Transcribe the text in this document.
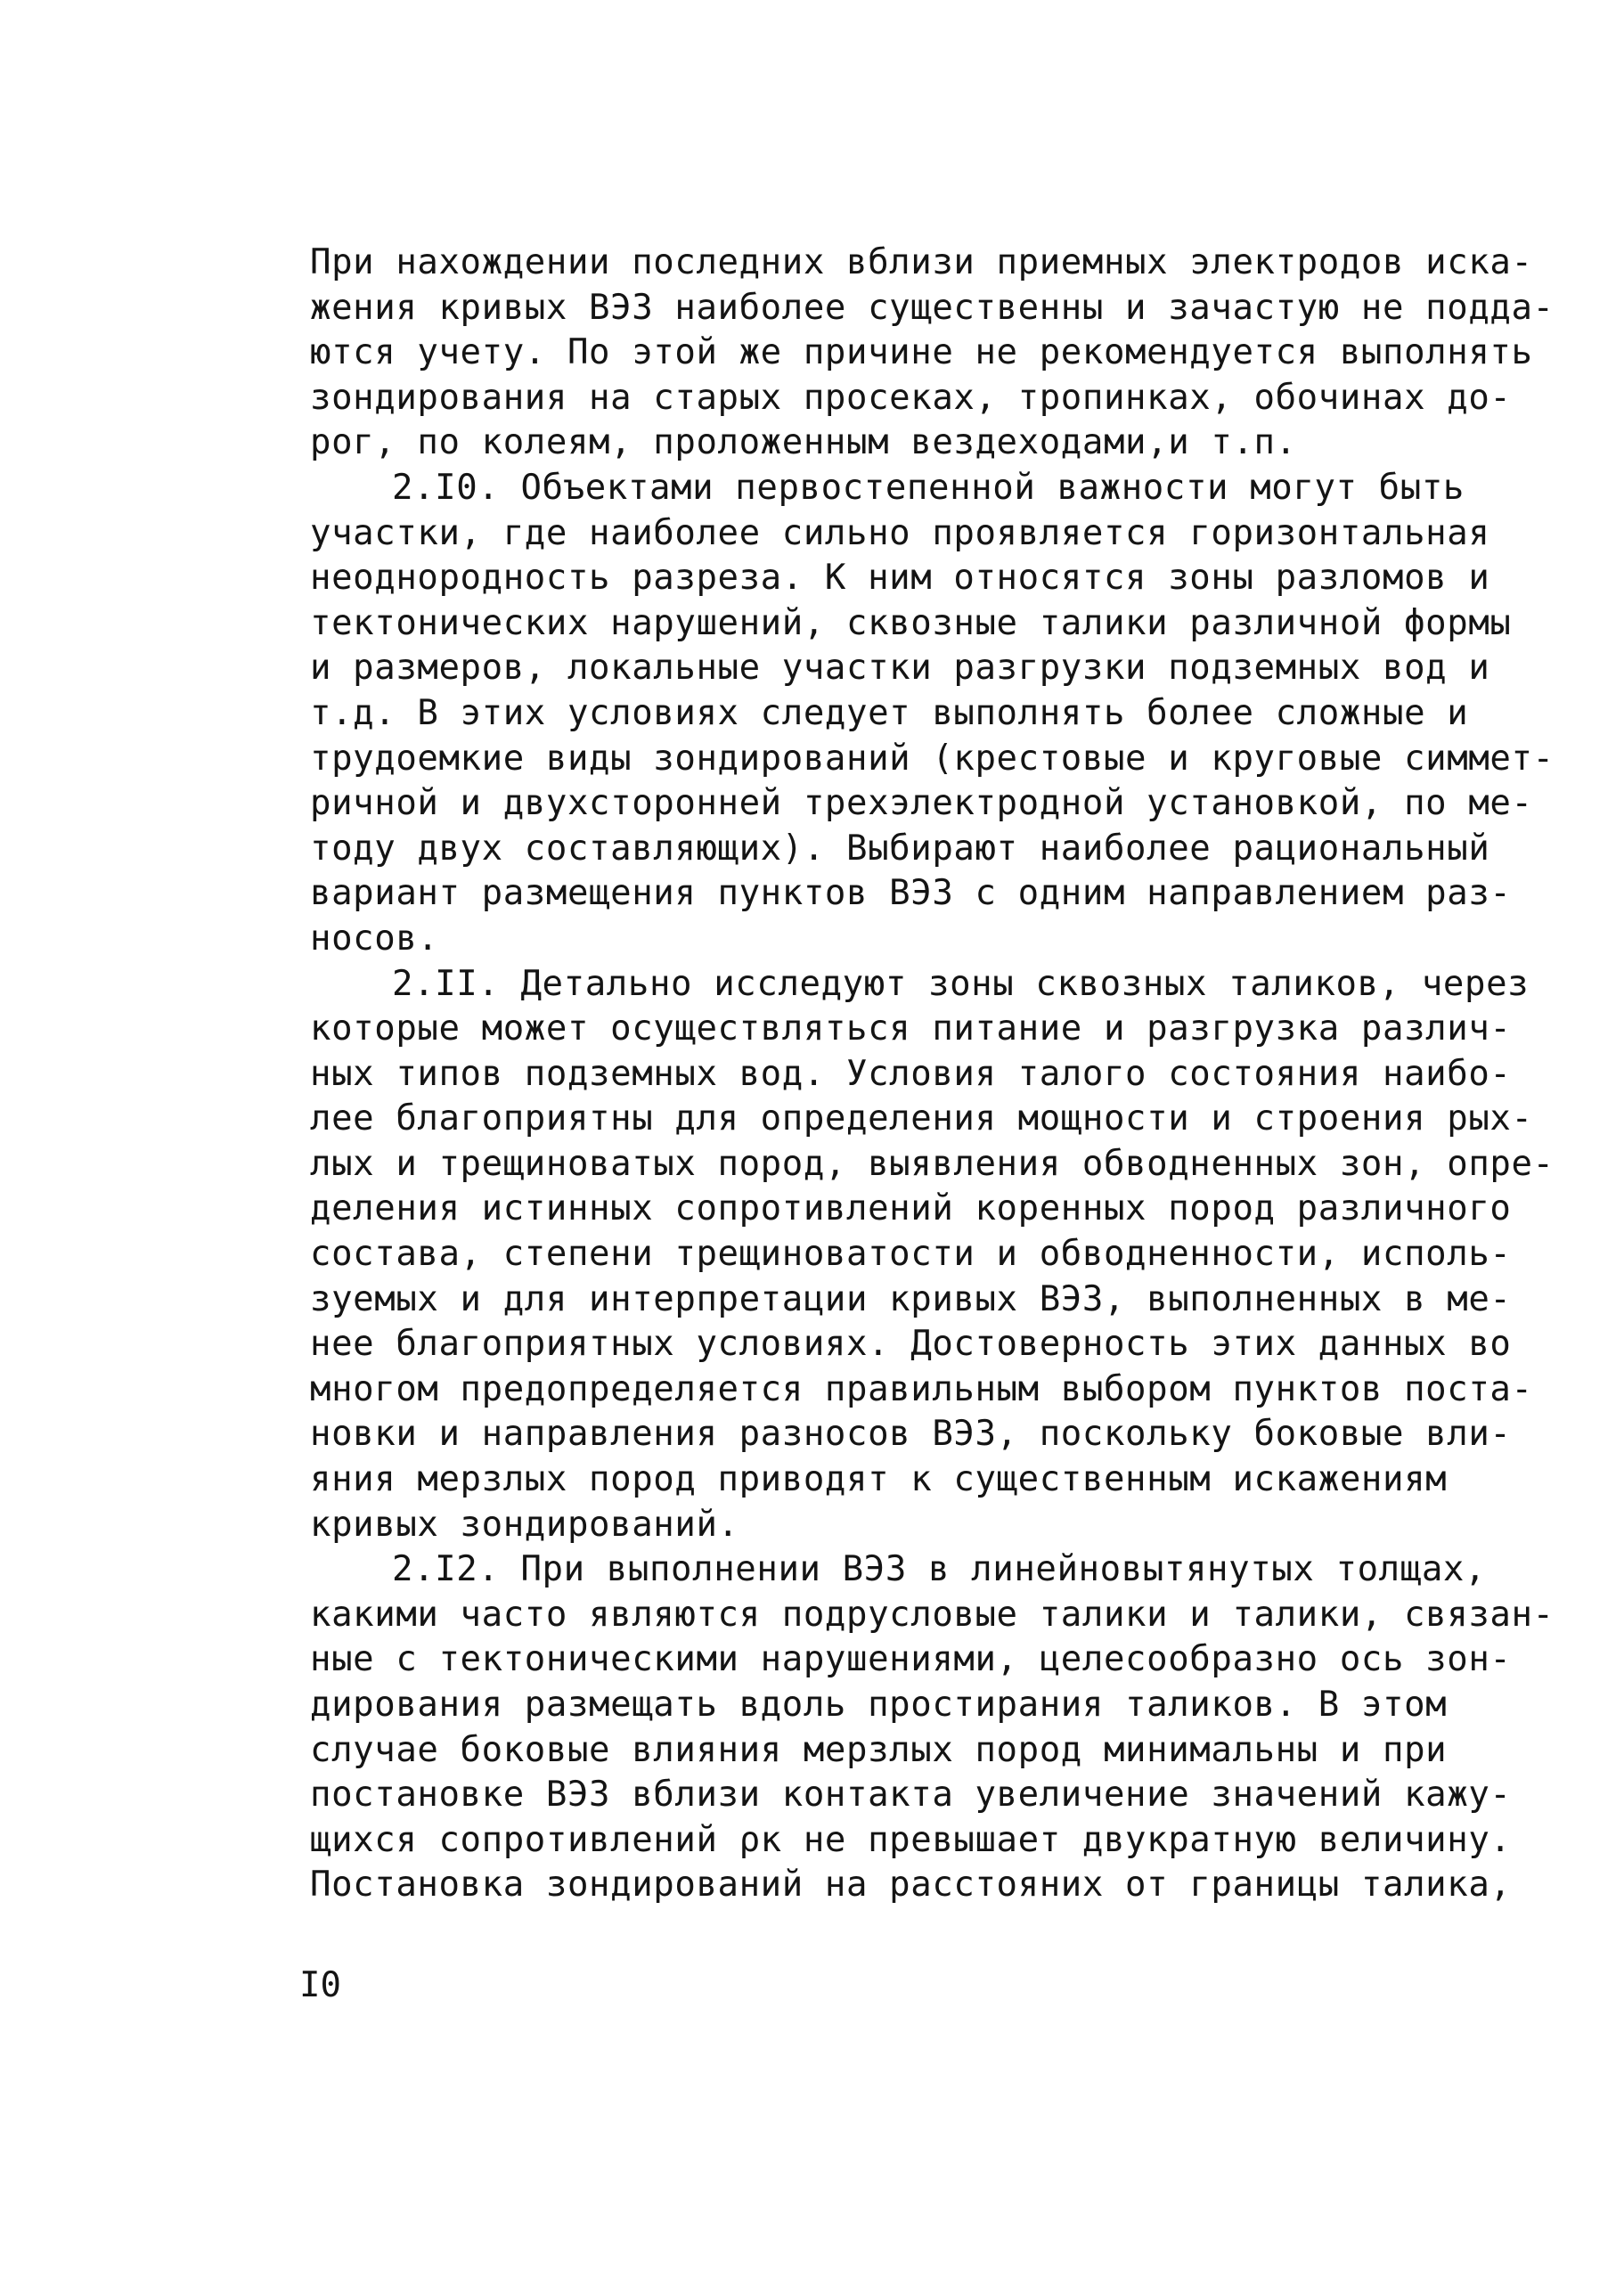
При нахождении последних вблизи приемных электродов иска-
жения кривых ВЭЗ наиболее существенны и зачастую не подда-
ются учету. По этой же причине не рекомендуется выполнять
зондирования на старых просеках, тропинках, обочинах до-
рог, по колеям, проложенным вездеходами,и т.п.
2.I0. Объектами первостепенной важности могут быть
участки, где наиболее сильно проявляется горизонтальная
неоднородность разреза. К ним относятся зоны разломов и
тектонических нарушений, сквозные талики различной формы
и размеров, локальные участки разгрузки подземных вод и
т.д. В этих условиях следует выполнять более сложные и
трудоемкие виды зондирований (крестовые и круговые симмет-
ричной и двухсторонней трехэлектродной установкой, по ме-
тоду двух составляющих). Выбирают наиболее рациональный
вариант размещения пунктов ВЭЗ с одним направлением раз-
носов.
2.II. Детально исследуют зоны сквозных таликов, через
которые может осуществляться питание и разгрузка различ-
ных типов подземных вод. Условия талого состояния наибо-
лее благоприятны для определения мощности и строения рых-
лых и трещиноватых пород, выявления обводненных зон, опре-
деления истинных сопротивлений коренных пород различного
состава, степени трещиноватости и обводненности, исполь-
зуемых и для интерпретации кривых ВЭЗ, выполненных в ме-
нее благоприятных условиях. Достоверность этих данных во
многом предопределяется правильным выбором пунктов поста-
новки и направления разносов ВЭЗ, поскольку боковые вли-
яния мерзлых пород приводят к существенным искажениям
кривых зондирований.
2.I2. При выполнении ВЭЗ в линейновытянутых толщах,
какими часто являются подрусловые талики и талики, связан-
ные с тектоническими нарушениями, целесообразно ось зон-
дирования размещать вдоль простирания таликов. В этом
случае боковые влияния мерзлых пород минимальны и при
постановке ВЭЗ вблизи контакта увеличение значений кажу-
щихся сопротивлений ρк не превышает двукратную величину.
Постановка зондирований на расстояних от границы талика,
I0
